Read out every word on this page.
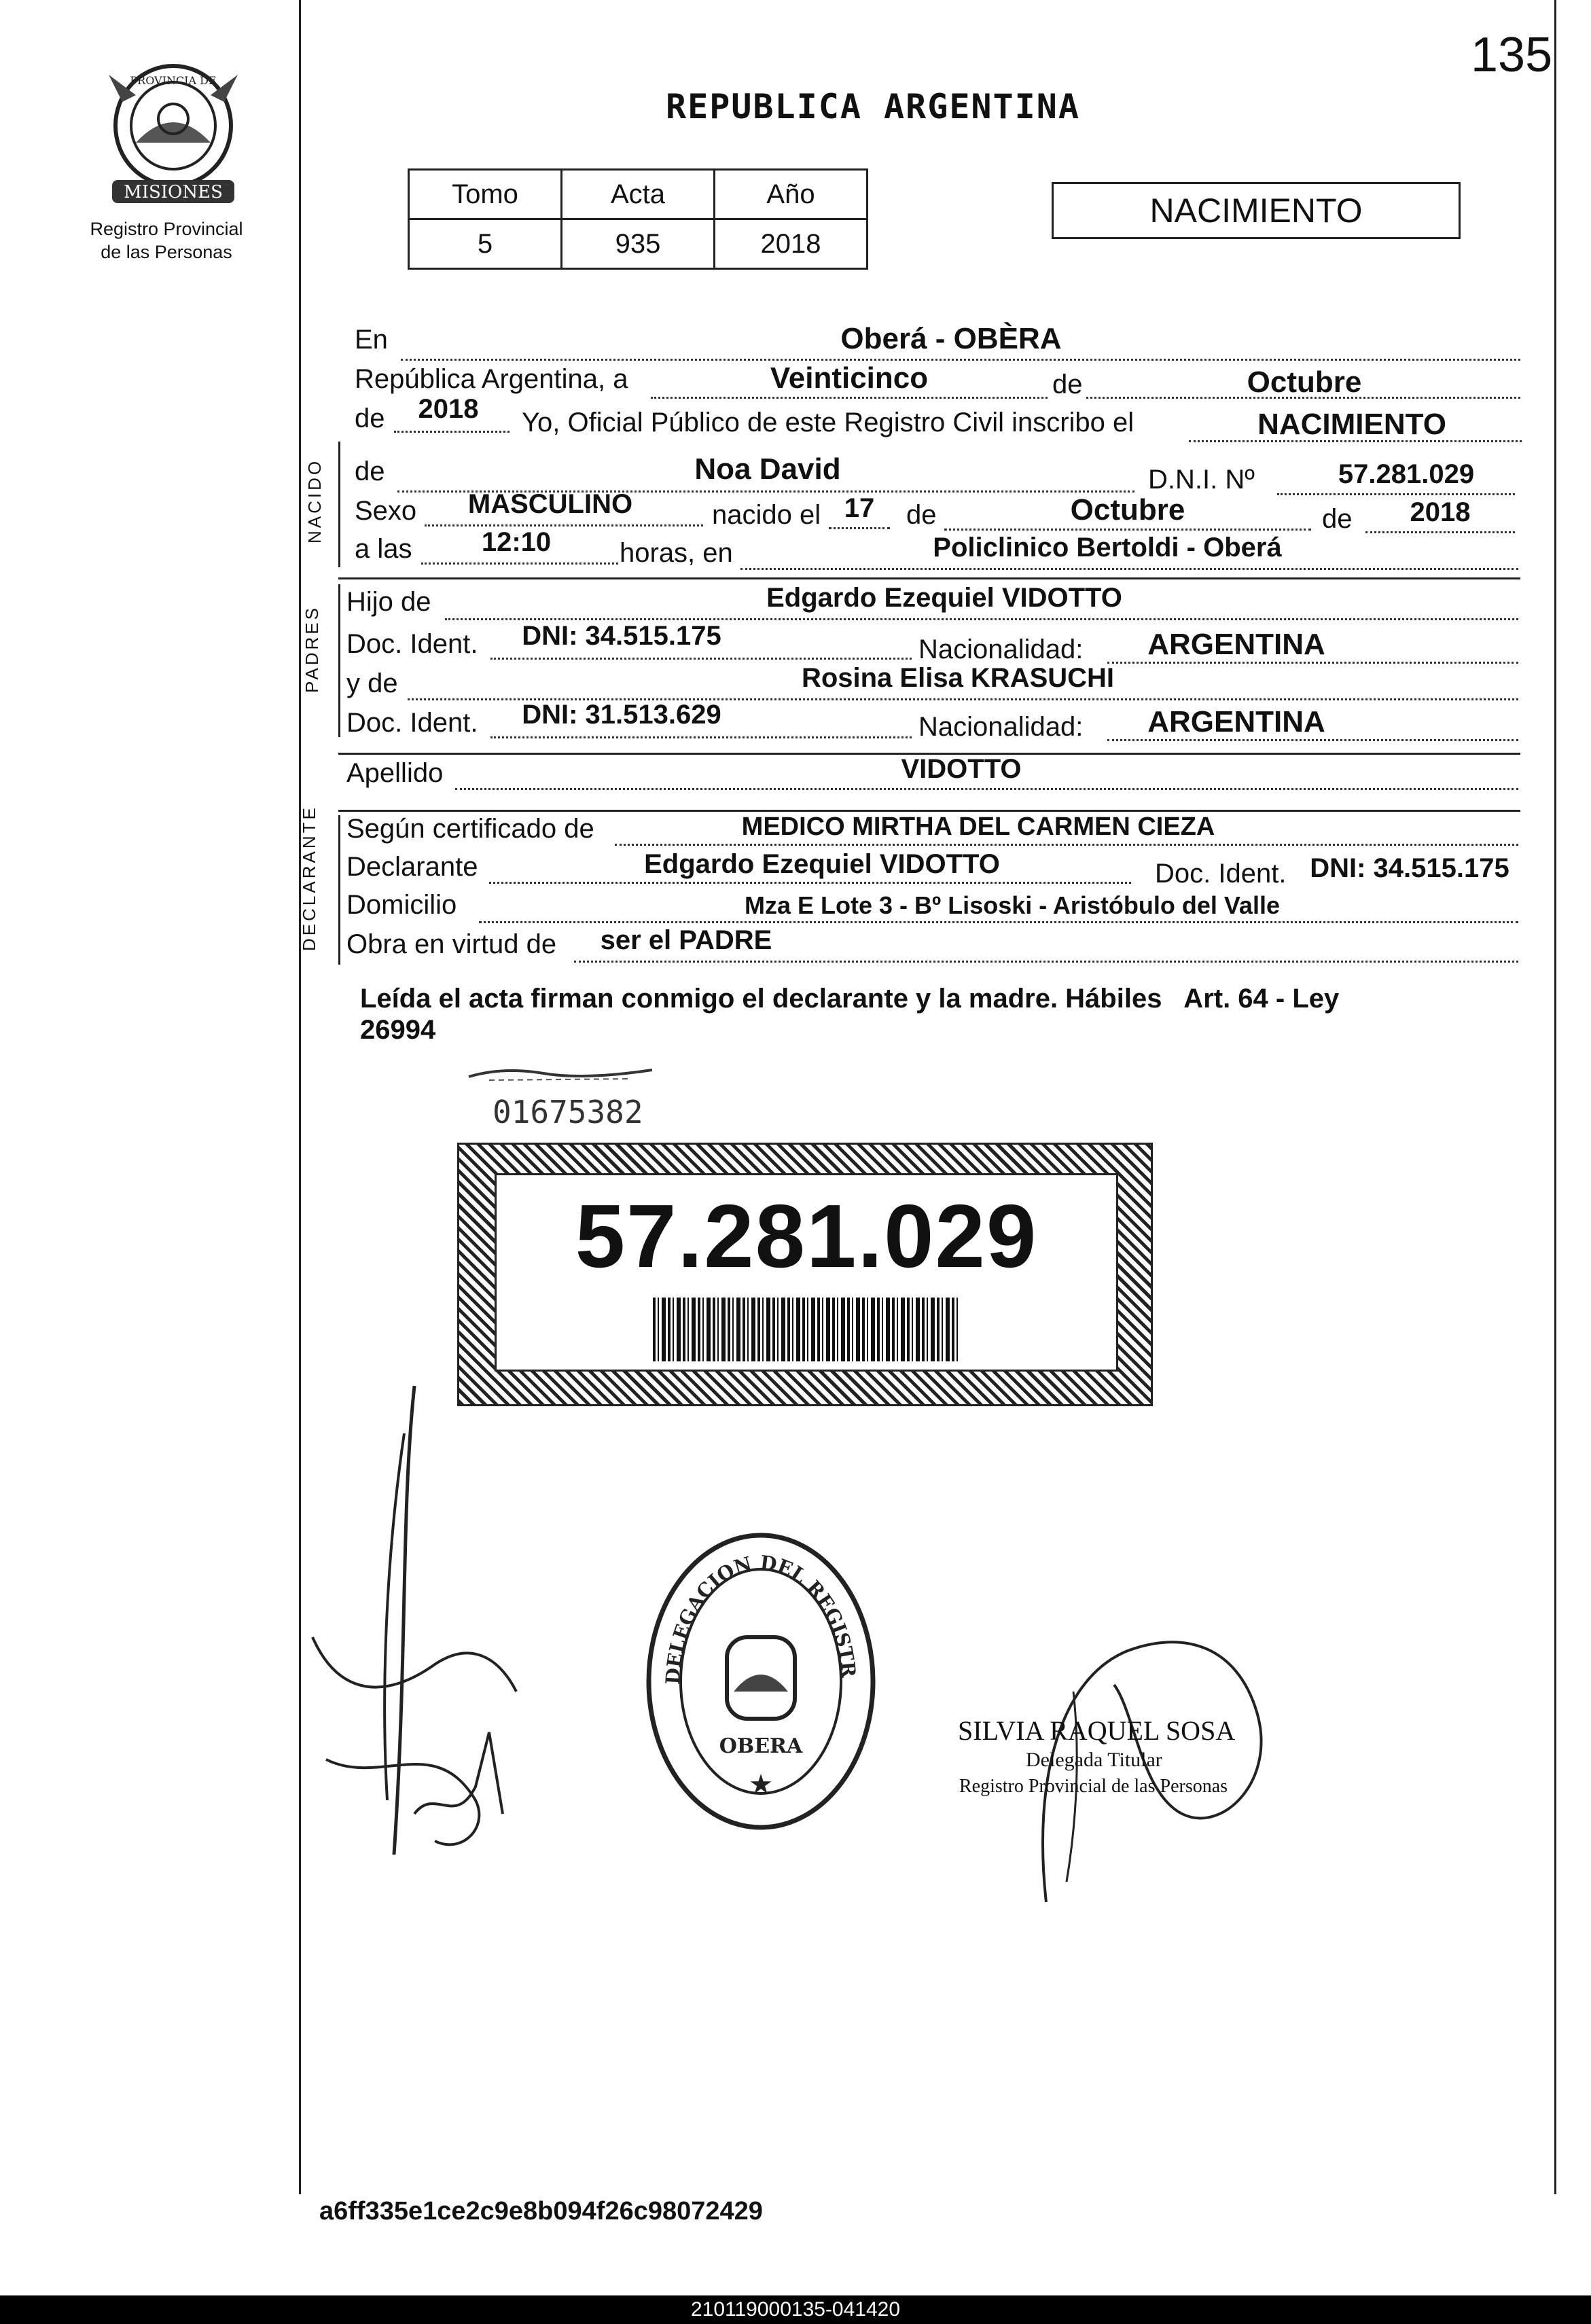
135
MISIONES
PROVINCIA DE
Registro Provincial
de las Personas
REPUBLICA ARGENTINA
Tomo	Acta	Año
5	935	2018
NACIMIENTO
En	Oberá - OBÈRA
República Argentina, a	Veinticinco	de	Octubre
de	2018	Yo, Oficial Público de este Registro Civil inscribo el	NACIMIENTO
NACIDO de	Noa David	D.N.I. Nº	57.281.029
Sexo	MASCULINO	nacido el 17	de	Octubre	de	2018
a las	12:10	horas, en	Policlinico Bertoldi - Oberá
PADRES
Hijo de	Edgardo Ezequiel VIDOTTO
Doc. Ident.	DNI: 34.515.175	Nacionalidad: ARGENTINA
y de	Rosina Elisa KRASUCHI
Doc. Ident.	DNI: 31.513.629	Nacionalidad: ARGENTINA
Apellido	VIDOTTO
DECLARANTE Según certificado de	MEDICO MIRTHA DEL CARMEN CIEZA
Declarante	Edgardo Ezequiel VIDOTTO	Doc. Ident. DNI: 34.515.175
Domicilio	Mza E Lote 3 - Bº Lisoski - Aristóbulo del Valle
Obra en virtud de	ser el PADRE
Leída el acta firman conmigo el declarante y la madre. Hábiles   Art. 64 - Ley
26994
01675382
57.281.029
DELEGACION DEL REGISTR
OBERA
★
SILVIA RAQUEL SOSA
Delegada Titular
Registro Provincial de las Personas
a6ff335e1ce2c9e8b094f26c98072429
210119000135-041420
